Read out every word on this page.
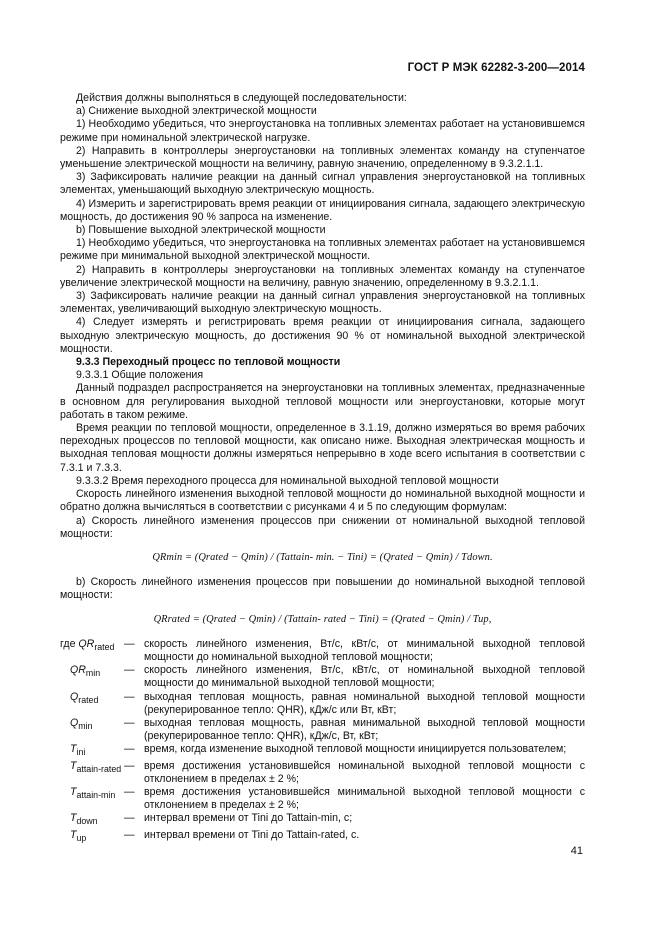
ГОСТ Р МЭК 62282-3-200—2014

Действия должны выполняться в следующей последовательности:

а) Снижение выходной электрической мощности

1) Необходимо убедиться, что энергоустановка на топливных элементах работает на установившемся режиме при номинальной электрической нагрузке.

2) Направить в контроллеры энергоустановки на топливных элементах команду на ступенчатое уменьшение электрической мощности на величину, равную значению, определенному в 9.3.2.1.1.

3) Зафиксировать наличие реакции на данный сигнал управления энергоустановкой на топливных элементах, уменьшающий выходную электрическую мощность.

4) Измерить и зарегистрировать время реакции от инициирования сигнала, задающего электрическую мощность, до достижения 90 % запроса на изменение.

b) Повышение выходной электрической мощности

1) Необходимо убедиться, что энергоустановка на топливных элементах работает на установившемся режиме при минимальной выходной электрической мощности.

2) Направить в контроллеры энергоустановки на топливных элементах команду на ступенчатое увеличение электрической мощности на величину, равную значению, определенному в 9.3.2.1.1.

3) Зафиксировать наличие реакции на данный сигнал управления энергоустановкой на топливных элементах, увеличивающий выходную электрическую мощность.

4) Следует измерять и регистрировать время реакции от инициирования сигнала, задающего выходную электрическую мощность, до достижения 90 % от номинальной выходной электрической мощности.

9.3.3 Переходный процесс по тепловой мощности

9.3.3.1 Общие положения

Данный подраздел распространяется на энергоустановки на топливных элементах, предназначенные в основном для регулирования выходной тепловой мощности или энергоустановки, которые могут работать в таком режиме.

Время реакции по тепловой мощности, определенное в 3.1.19, должно измеряться во время рабочих переходных процессов по тепловой мощности, как описано ниже. Выходная электрическая мощность и выходная тепловая мощности должны измеряться непрерывно в ходе всего испытания в соответствии с 7.3.1 и 7.3.3.

9.3.3.2 Время переходного процесса для номинальной выходной тепловой мощности

Скорость линейного изменения выходной тепловой мощности до номинальной выходной мощности и обратно должна вычисляться в соответствии с рисунками 4 и 5 по следующим формулам:

а) Скорость линейного изменения процессов при снижении от номинальной выходной тепловой мощности:

QRmin = (Qrated − Qmin) / (Tattain- min. − Tini) = (Qrated − Qmin) / Tdown.

b) Скорость линейного изменения процессов при повышении до номинальной выходной тепловой мощности:

QRrated = (Qrated − Qmin) / (Tattain- rated − Tini) = (Qrated − Qmin) / Tup,
где $QR_{rated}$ — скорость линейного изменения, Вт/с, кВт/с, от минимальной выходной тепловой мощности до номинальной выходной тепловой мощности;
$QR_{min}$	— скорость линейного изменения, Вт/с, кВт/с, от номинальной выходной тепловой мощности до минимальной выходной тепловой мощности;
$Q_{rated}$	— выходная тепловая мощность, равная номинальной выходной тепловой мощности (рекуперированное тепло: QHR), кДж/с или Вт, кВт;
$Q_{min}$	— выходная тепловая мощность, равная минимальной выходной тепловой мощности (рекуперированное тепло: QHR), кДж/с, Вт, кВт;
$T_{ini}$	— время, когда изменение выходной тепловой мощности инициируется пользователем;
$T_{attain-rated}$ — время достижения установившейся номинальной выходной тепловой мощности с отклонением в пределах ± 2 %;
$T_{attain-min}$ — время достижения установившейся минимальной выходной тепловой мощности с отклонением в пределах ± 2 %;
$T_{down}$	— интервал времени от Tini до Tattain-min, с;
$T_{up}$	— интервал времени от Tini до Tattain-rated, с.
41
